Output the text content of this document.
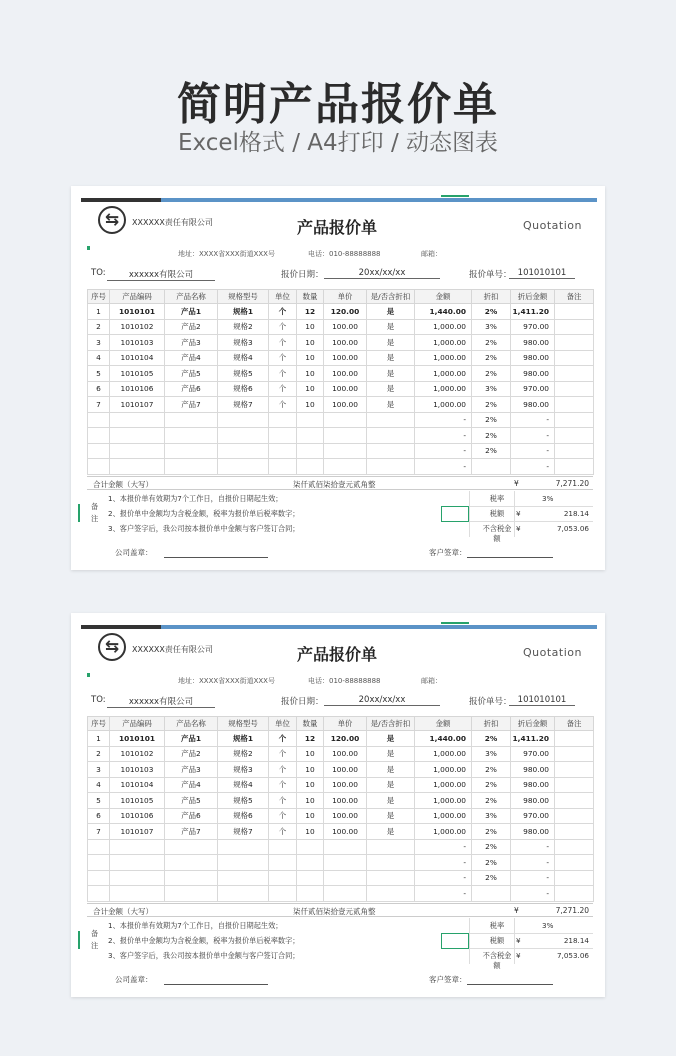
简明产品报价单
Excel格式 / A4打印 / 动态图表
⇆	XXXXXX责任有限公司	产品报价单	Quotation
地址：XXXX省XXX街道XXX号	电话：010-88888888	邮箱：
TO:	xxxxxx有限公司	报价日期：	20xx/xx/xx	报价单号： 101010101
序号	产品编码	产品名称	规格型号	单位	数量	单价	是/否含折扣	金额	折扣	折后金额	备注
1	1010101	产品1	规格1	个	12	120.00	是	1,440.00	2%	1,411.20	
2	1010102	产品2	规格2	个	10	100.00	是	1,000.00	3%	970.00	
3	1010103	产品3	规格3	个	10	100.00	是	1,000.00	2%	980.00	
4	1010104	产品4	规格4	个	10	100.00	是	1,000.00	2%	980.00	
5	1010105	产品5	规格5	个	10	100.00	是	1,000.00	2%	980.00	
6	1010106	产品6	规格6	个	10	100.00	是	1,000.00	3%	970.00	
7	1010107	产品7	规格7	个	10	100.00	是	1,000.00	2%	980.00	
								-	2%	-	
								-	2%	-	
								-	2%	-	
								-		-	
合计金额（大写）	柒仟贰佰柒拾壹元贰角整	¥	7,271.20
备注
1、本报价单有效期为7个工作日，自报价日期起生效；
2、报价单中金额均为含税金额，税率为报价单后税率数字；
3、客户签字后，我公司按本报价单中金额与客户签订合同；
税率	3%
税额	¥	218.14
不含税金额
¥	7,053.06
公司盖章：	客户签章：
⇆	XXXXXX责任有限公司	产品报价单	Quotation
地址：XXXX省XXX街道XXX号	电话：010-88888888	邮箱：
TO:	xxxxxx有限公司	报价日期：	20xx/xx/xx	报价单号： 101010101
序号	产品编码	产品名称	规格型号	单位	数量	单价	是/否含折扣	金额	折扣	折后金额	备注
1	1010101	产品1	规格1	个	12	120.00	是	1,440.00	2%	1,411.20	
2	1010102	产品2	规格2	个	10	100.00	是	1,000.00	3%	970.00	
3	1010103	产品3	规格3	个	10	100.00	是	1,000.00	2%	980.00	
4	1010104	产品4	规格4	个	10	100.00	是	1,000.00	2%	980.00	
5	1010105	产品5	规格5	个	10	100.00	是	1,000.00	2%	980.00	
6	1010106	产品6	规格6	个	10	100.00	是	1,000.00	3%	970.00	
7	1010107	产品7	规格7	个	10	100.00	是	1,000.00	2%	980.00	
								-	2%	-	
								-	2%	-	
								-	2%	-	
								-		-	
合计金额（大写）	柒仟贰佰柒拾壹元贰角整	¥	7,271.20
备注
1、本报价单有效期为7个工作日，自报价日期起生效；
2、报价单中金额均为含税金额，税率为报价单后税率数字；
3、客户签字后，我公司按本报价单中金额与客户签订合同；
税率	3%
税额	¥	218.14
不含税金额
¥	7,053.06
公司盖章：	客户签章：
